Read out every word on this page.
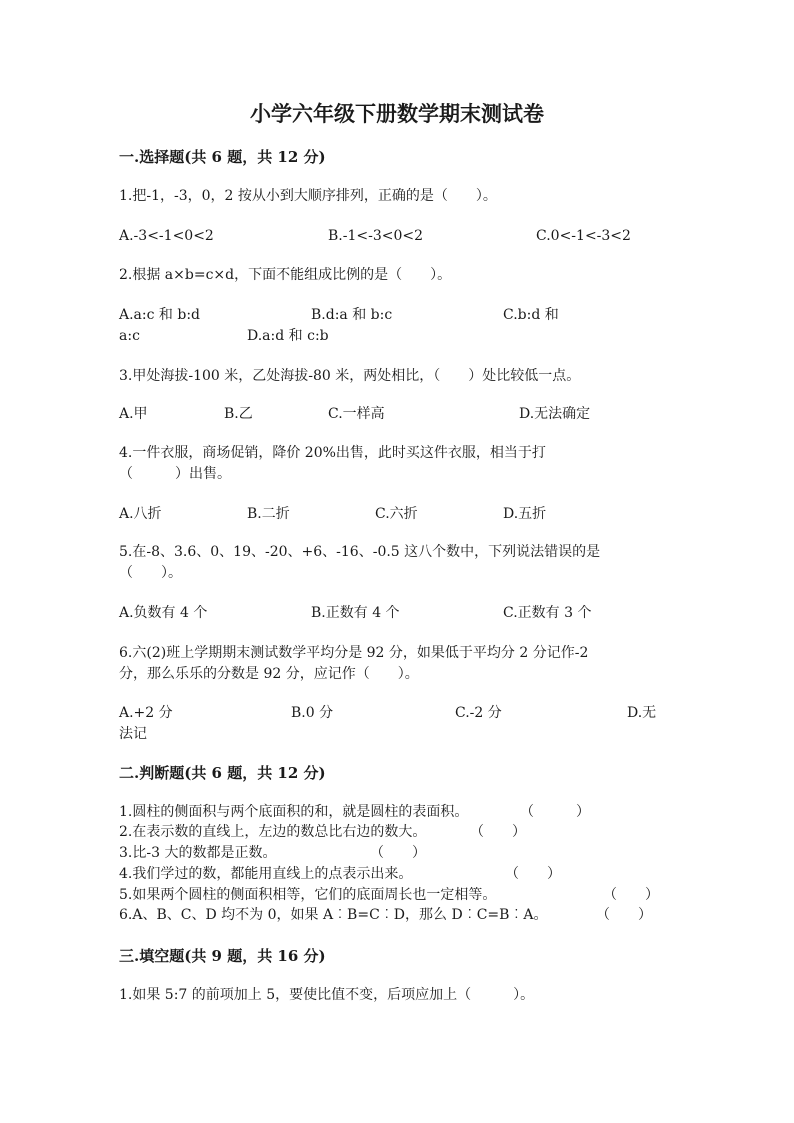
小学六年级下册数学期末测试卷
一.选择题(共 6 题，共 12 分)
1.把-1，-3，0，2 按从小到大顺序排列，正确的是（　　）。
A.-3<-1<0<2	B.-1<-3<0<2	C.0<-1<-3<2
2.根据 a×b=c×d，下面不能组成比例的是（　　）。
A.a:c 和 b:d	B.d:a 和 b:c	C.b:d 和
a:c	D.a:d 和 c:b
3.甲处海拔-100 米，乙处海拔-80 米，两处相比，（　　）处比较低一点。
A.甲	B.乙	C.一样高	D.无法确定
4.一件衣服，商场促销，降价 20%出售，此时买这件衣服，相当于打
（　　　）出售。
A.八折	B.二折	C.六折	D.五折
5.在-8、3.6、0、19、-20、+6、-16、-0.5 这八个数中，下列说法错误的是
（　　）。
A.负数有 4 个	B.正数有 4 个	C.正数有 3 个
6.六(2)班上学期期末测试数学平均分是 92 分，如果低于平均分 2 分记作-2
分，那么乐乐的分数是 92 分，应记作（　　）。
A.+2 分	B.0 分	C.-2 分	D.无
法记
二.判断题(共 6 题，共 12 分)
1.圆柱的侧面积与两个底面积的和，就是圆柱的表面积。	（　　　）
2.在表示数的直线上，左边的数总比右边的数大。	（　　）
3.比-3 大的数都是正数。	（　　）
4.我们学过的数，都能用直线上的点表示出来。	（　　）
5.如果两个圆柱的侧面积相等，它们的底面周长也一定相等。	（　　）
6.A、B、C、D 均不为 0，如果 A︰B=C︰D，那么 D︰C=B︰A。	（　　）
三.填空题(共 9 题，共 16 分)
1.如果 5:7 的前项加上 5，要使比值不变，后项应加上（　　　）。
